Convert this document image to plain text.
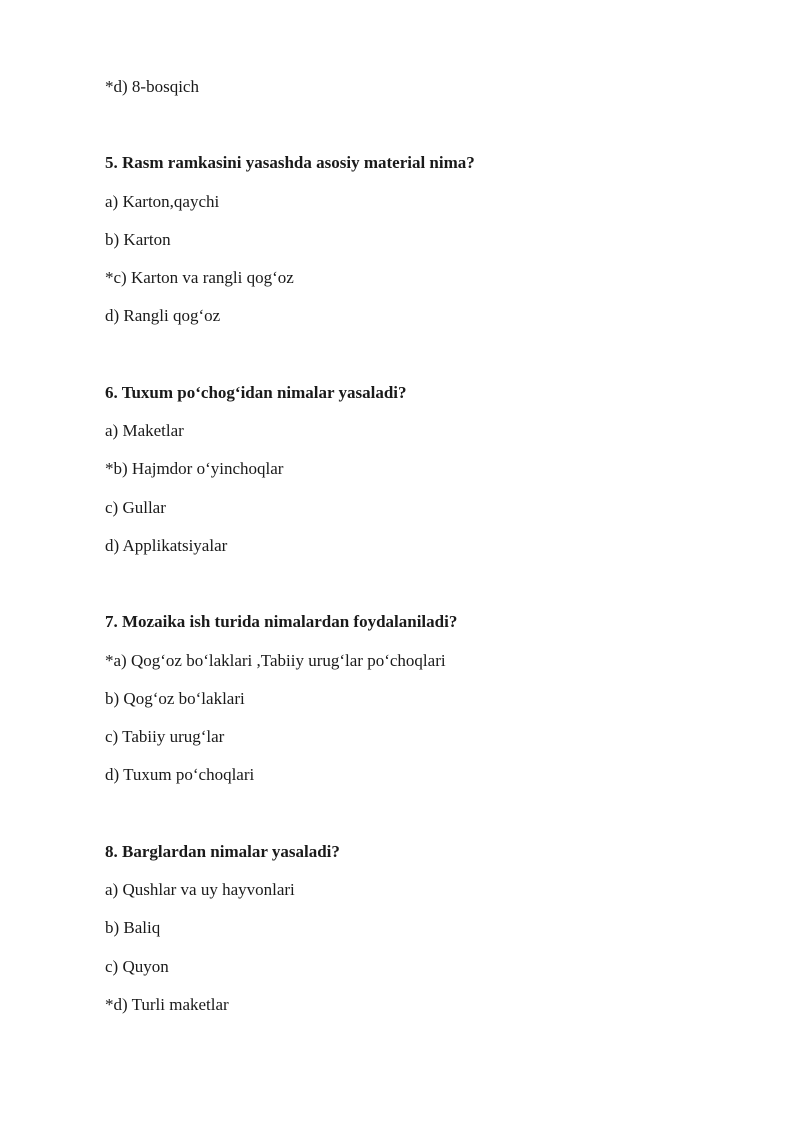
*d) 8-bosqich
5. Rasm ramkasini yasashda asosiy material nima?
a) Karton,qaychi
b) Karton
*c) Karton va rangli qog‘oz
d) Rangli qog‘oz
6. Tuxum po‘chog‘idan nimalar yasaladi?
a) Maketlar
*b) Hajmdor o‘yinchoqlar
c) Gullar
d) Applikatsiyalar
7. Mozaika ish turida nimalardan foydalaniladi?
*a) Qog‘oz bo‘laklari ,Tabiiy urug‘lar po‘choqlari
b) Qog‘oz bo‘laklari
c) Tabiiy urug‘lar
d) Tuxum po‘choqlari
8. Barglardan nimalar yasaladi?
a) Qushlar va uy hayvonlari
b) Baliq
c) Quyon
*d) Turli maketlar
